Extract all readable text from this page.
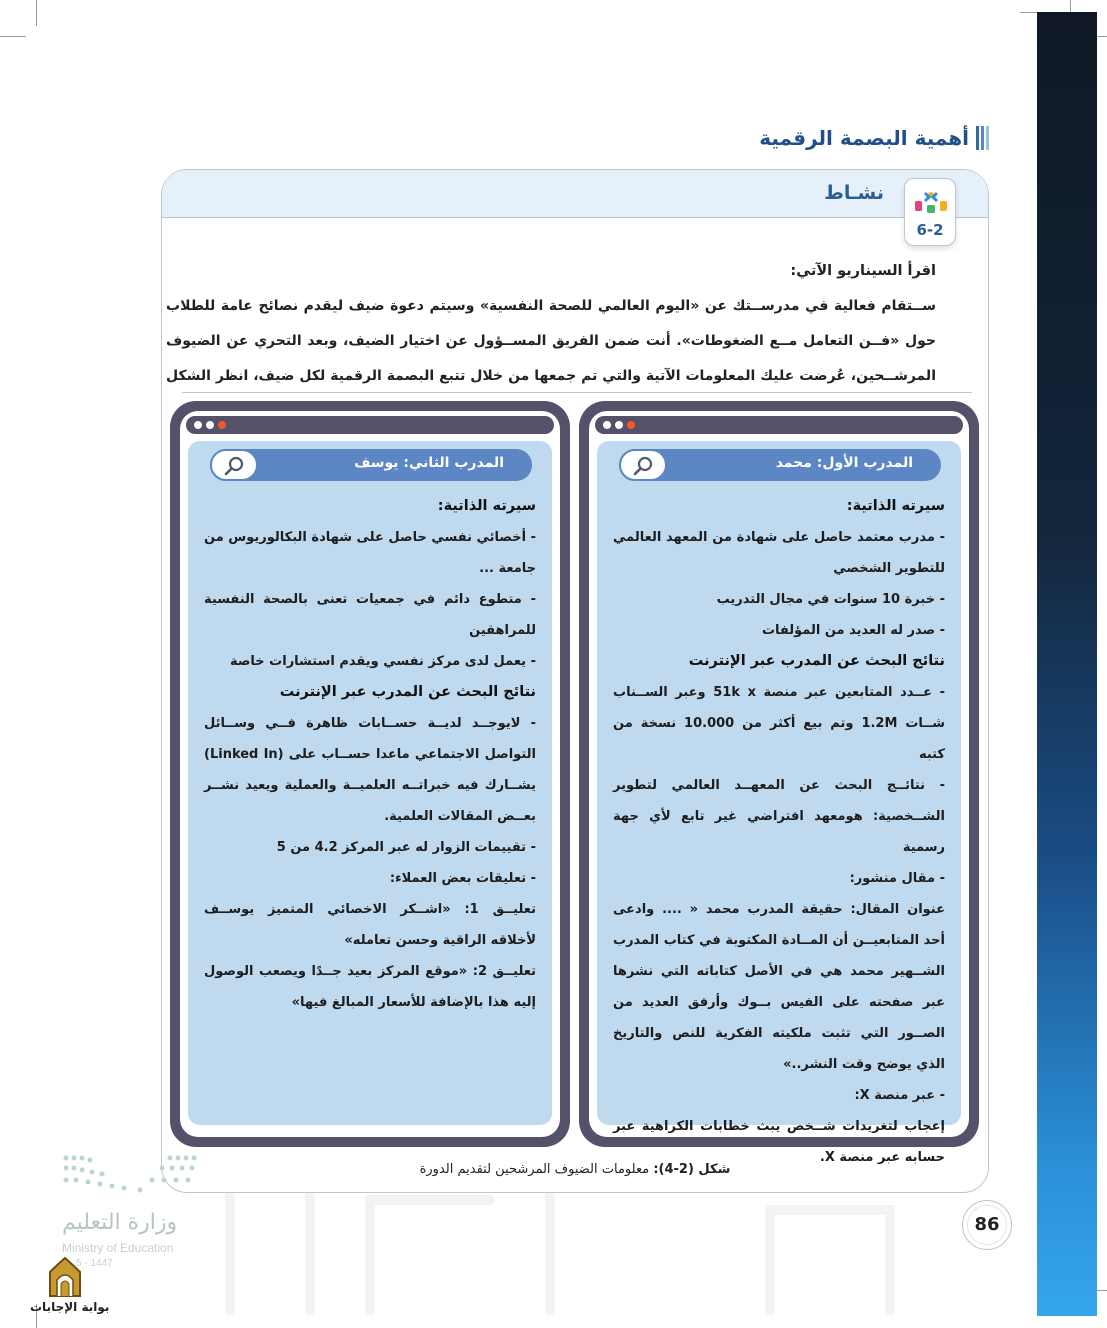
أهمية البصمة الرقمية
نشـاط
6-2
اقرأ السيناريو الآتي:
ســتقام فعالية في مدرســتك عن «اليوم العالمي للصحة النفسية» وسيتم دعوة ضيف ليقدم نصائح عامة للطلاب حول «فــن التعامل مــع الضغوطات». أنت ضمن الفريق المســؤول عن اختيار الضيف، وبعد التحري عن الضيوف المرشــحين، عُرضت عليك المعلومات الآتية والتي تم جمعها من خلال تتبع البصمة الرقمية لكل ضيف، انظر الشكل
المدرب الأول: محمد
سيرته الذاتية:

- مدرب معتمد حاصل على شهادة من المعهد العالمي للتطوير الشخصي

- خبرة 10 سنوات في مجال التدريب

- صدر له العديد من المؤلفات

نتائج البحث عن المدرب عبر الإنترنت

- عــدد المتابعين عبر منصة x ‏51k وعبر الســناب شــات 1.2M وتم بيع أكثر من 10.000 نسخة من كتبه

- نتائــج البحث عن المعهــد العالمي لتطوير الشــخصية: هومعهد افتراضي غير تابع لأي جهة رسمية

- مقال منشور:

عنوان المقال: حقيقة المدرب محمد « .... وادعى أحد المتابعيــن أن المــادة المكتوبة في كتاب المدرب الشــهير محمد هي في الأصل كتاباته التي نشرها عبر صفحته على الفيس بــوك وأرفق العديد من الصــور التي تثبت ملكيته الفكرية للنص والتاريخ الذي يوضح وقت النشر..»

- عبر منصة X:

إعجاب لتغريدات شــخص يبث خطابات الكراهية عبر حسابه عبر منصة X.

المدرب الثاني: يوسف
سيرته الذاتية:

- أخصائي نفسي حاصل على شهادة البكالوريوس من جامعة ...

- متطوع دائم في جمعيات تعنى بالصحة النفسية للمراهقين

- يعمل لدى مركز نفسي ويقدم استشارات خاصة

نتائج البحث عن المدرب عبر الإنترنت

- لايوجــد لديــة حســابات ظاهرة فــي وســائل التواصل الاجتماعي ماعدا حســاب على (Linked In) يشــارك فيه خبراتــه العلميــة والعملية ويعيد نشــر بعــض المقالات العلمية.

- تقييمات الزوار له عبر المركز 4.2 من 5

- تعليقات بعض العملاء:

تعليــق 1: «اشــكر الاخصائي المتميز يوســف لأخلاقه الراقية وحسن تعامله»

تعليــق 2: «موقع المركز بعيد جــدًا ويصعب الوصول إليه هذا بالإضافة للأسعار المبالغ فيها»

شكل (2-4): معلومات الضيوف المرشحين لتقديم الدورة
86
وزارة التعليم
Ministry of Education
5 - 1447
بوابة الإجابات
